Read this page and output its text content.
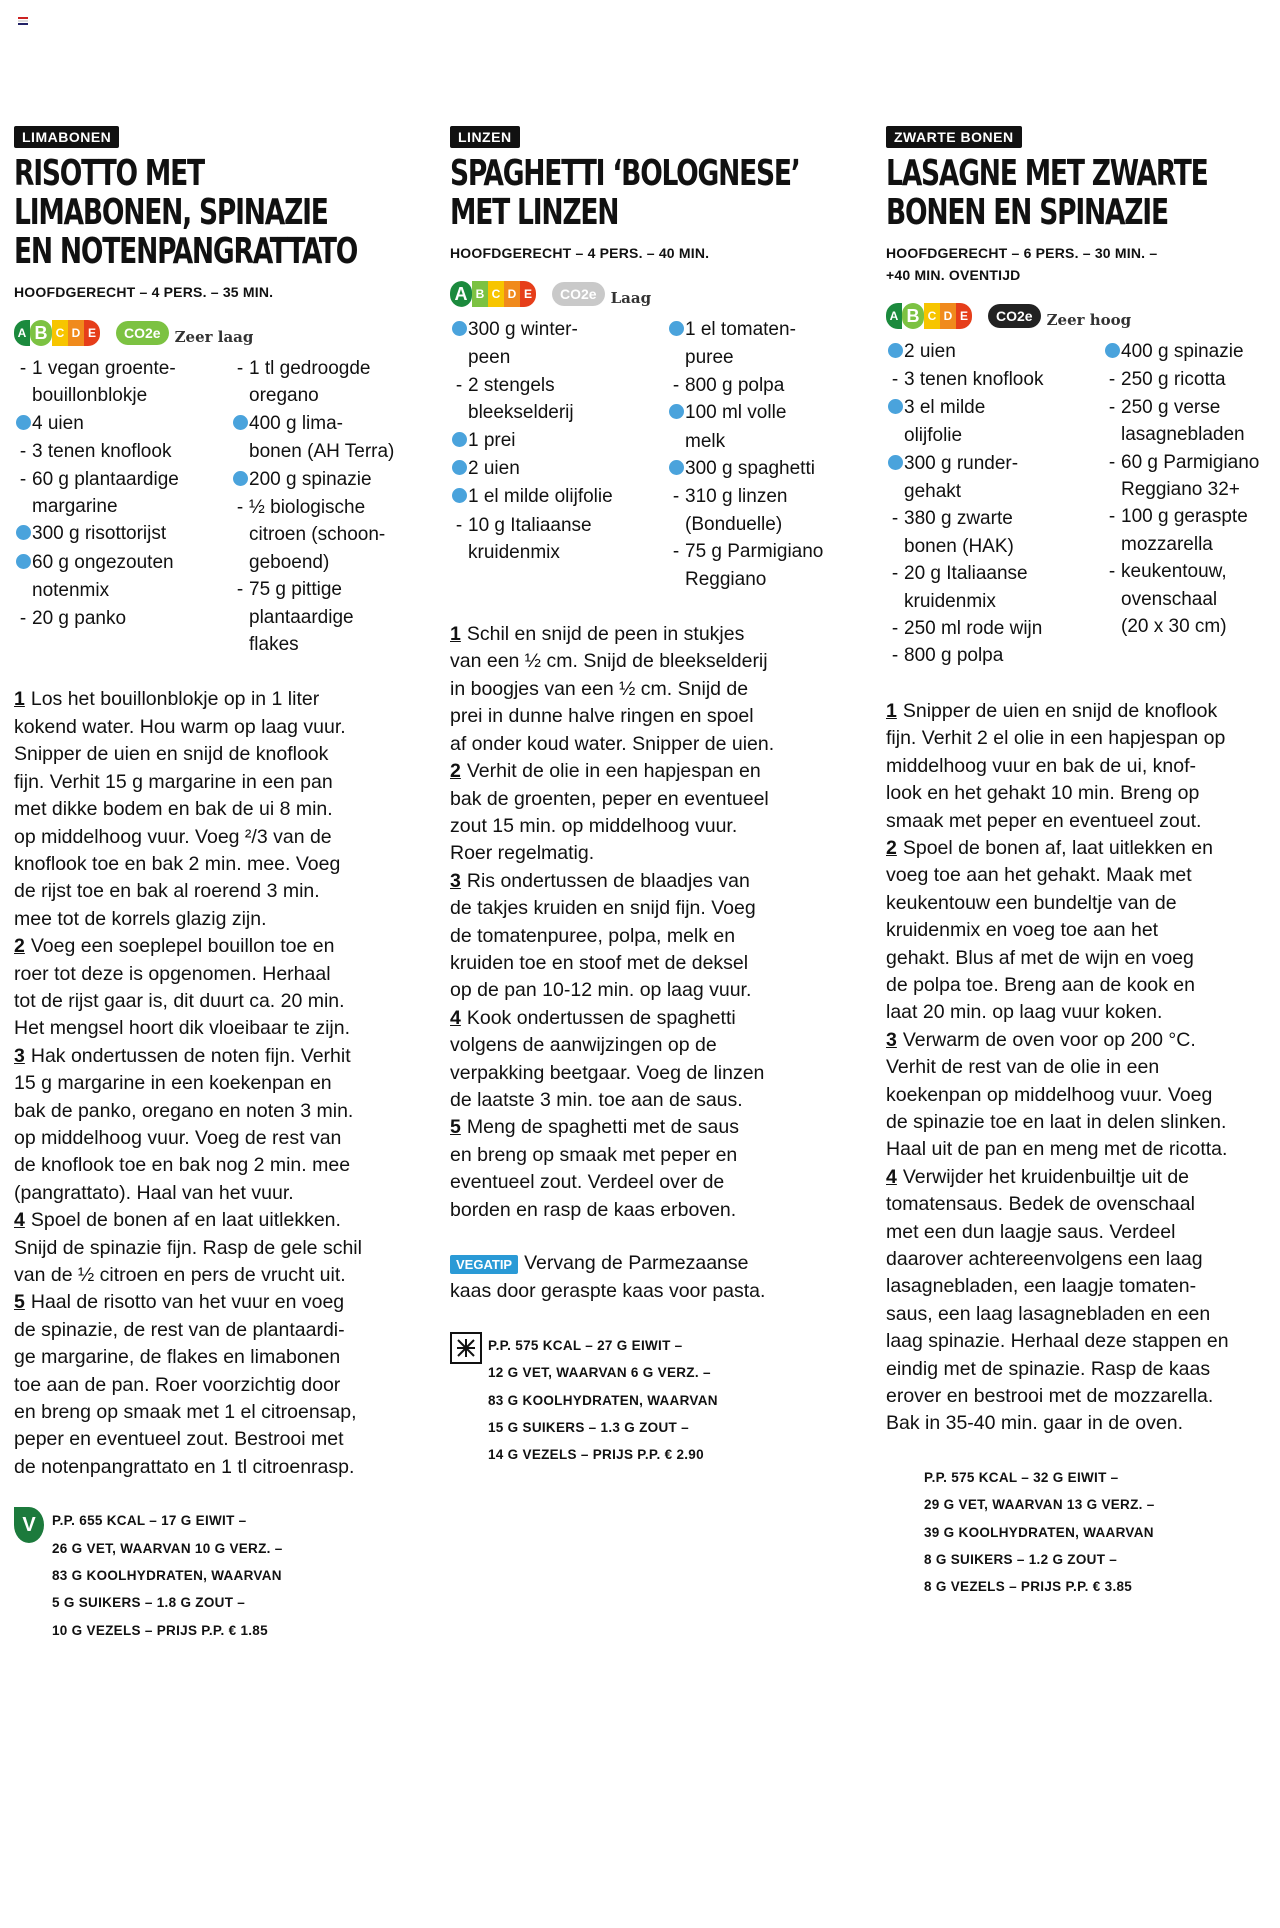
LIMABONEN
RISOTTO MET
LIMABONEN, SPINAZIE
EN NOTENPANGRATTATO
HOOFDGERECHT – 4 PERS. – 35 MIN.
A B C D E	CO2e Zeer laag
- 1 vegan groente-
bouillonblokje
4 uien
- 3 tenen knoflook
- 60 g plantaardige
margarine
300 g risottorijst
60 g ongezouten
notenmix
- 20 g panko
- 1 tl gedroogde
oregano
400 g lima-
bonen (AH Terra)
200 g spinazie
- ½ biologische
citroen (schoon-
geboend)
- 75 g pittige
plantaardige
flakes

1 Los het bouillonblokje op in 1 liter

kokend water. Hou warm op laag vuur.

Snipper de uien en snijd de knoflook

fijn. Verhit 15 g margarine in een pan

met dikke bodem en bak de ui 8 min.

op middelhoog vuur. Voeg ²/3 van de

knoflook toe en bak 2 min. mee. Voeg

de rijst toe en bak al roerend 3 min.

mee tot de korrels glazig zijn.

2 Voeg een soeplepel bouillon toe en

roer tot deze is opgenomen. Herhaal

tot de rijst gaar is, dit duurt ca. 20 min.

Het mengsel hoort dik vloeibaar te zijn.

3 Hak ondertussen de noten fijn. Verhit

15 g margarine in een koekenpan en

bak de panko, oregano en noten 3 min.

op middelhoog vuur. Voeg de rest van

de knoflook toe en bak nog 2 min. mee

(pangrattato). Haal van het vuur.

4 Spoel de bonen af en laat uitlekken.

Snijd de spinazie fijn. Rasp de gele schil

van de ½ citroen en pers de vrucht uit.

5 Haal de risotto van het vuur en voeg

de spinazie, de rest van de plantaardi-

ge margarine, de flakes en limabonen

toe aan de pan. Roer voorzichtig door

en breng op smaak met 1 el citroensap,

peper en eventueel zout. Bestrooi met

de notenpangrattato en 1 tl citroenrasp.

V	P.P. 655 KCAL – 17 G EIWIT –
26 G VET, WAARVAN 10 G VERZ. –
83 G KOOLHYDRATEN, WAARVAN
5 G SUIKERS – 1.8 G ZOUT –
10 G VEZELS – PRIJS P.P. € 1.85
LINZEN
SPAGHETTI ‘BOLOGNESE’
MET LINZEN
HOOFDGERECHT – 4 PERS. – 40 MIN.
A B C D E	CO2e Laag
300 g winter-
peen
- 2 stengels
bleekselderij
1 prei
2 uien
1 el milde olijfolie
- 10 g Italiaanse
kruidenmix
1 el tomaten-
puree
- 800 g polpa
100 ml volle
melk
300 g spaghetti
- 310 g linzen
(Bonduelle)
- 75 g Parmigiano
Reggiano

1 Schil en snijd de peen in stukjes

van een ½ cm. Snijd de bleekselderij

in boogjes van een ½ cm. Snijd de

prei in dunne halve ringen en spoel

af onder koud water. Snipper de uien.

2 Verhit de olie in een hapjespan en

bak de groenten, peper en eventueel

zout 15 min. op middelhoog vuur.

Roer regelmatig.

3 Ris ondertussen de blaadjes van

de takjes kruiden en snijd fijn. Voeg

de tomatenpuree, polpa, melk en

kruiden toe en stoof met de deksel

op de pan 10-12 min. op laag vuur.

4 Kook ondertussen de spaghetti

volgens de aanwijzingen op de

verpakking beetgaar. Voeg de linzen

de laatste 3 min. toe aan de saus.

5 Meng de spaghetti met de saus

en breng op smaak met peper en

eventueel zout. Verdeel over de

borden en rasp de kaas erboven.

VEGATIP Vervang de Parmezaanse
kaas door geraspte kaas voor pasta.
P.P. 575 KCAL – 27 G EIWIT –
12 G VET, WAARVAN 6 G VERZ. –
83 G KOOLHYDRATEN, WAARVAN
15 G SUIKERS – 1.3 G ZOUT –
14 G VEZELS – PRIJS P.P. € 2.90
ZWARTE BONEN
LASAGNE MET ZWARTE
BONEN EN SPINAZIE
HOOFDGERECHT – 6 PERS. – 30 MIN. –
+40 MIN. OVENTIJD
A B C D E	CO2e Zeer hoog
2 uien
- 3 tenen knoflook
3 el milde
olijfolie
300 g runder-
gehakt
- 380 g zwarte
bonen (HAK)
- 20 g Italiaanse
kruidenmix
- 250 ml rode wijn
- 800 g polpa
400 g spinazie
- 250 g ricotta
- 250 g verse
lasagnebladen
- 60 g Parmigiano
Reggiano 32+
- 100 g geraspte
mozzarella
- keukentouw,
ovenschaal
(20 x 30 cm)

1 Snipper de uien en snijd de knoflook

fijn. Verhit 2 el olie in een hapjespan op

middelhoog vuur en bak de ui, knof-

look en het gehakt 10 min. Breng op

smaak met peper en eventueel zout.

2 Spoel de bonen af, laat uitlekken en

voeg toe aan het gehakt. Maak met

keukentouw een bundeltje van de

kruidenmix en voeg toe aan het

gehakt. Blus af met de wijn en voeg

de polpa toe. Breng aan de kook en

laat 20 min. op laag vuur koken.

3 Verwarm de oven voor op 200 °C.

Verhit de rest van de olie in een

koekenpan op middelhoog vuur. Voeg

de spinazie toe en laat in delen slinken.

Haal uit de pan en meng met de ricotta.

4 Verwijder het kruidenbuiltje uit de

tomatensaus. Bedek de ovenschaal

met een dun laagje saus. Verdeel

daarover achtereenvolgens een laag

lasagnebladen, een laagje tomaten-

saus, een laag lasagnebladen en een

laag spinazie. Herhaal deze stappen en

eindig met de spinazie. Rasp de kaas

erover en bestrooi met de mozzarella.

Bak in 35-40 min. gaar in de oven.

P.P. 575 KCAL – 32 G EIWIT –
29 G VET, WAARVAN 13 G VERZ. –
39 G KOOLHYDRATEN, WAARVAN
8 G SUIKERS – 1.2 G ZOUT –
8 G VEZELS – PRIJS P.P. € 3.85
